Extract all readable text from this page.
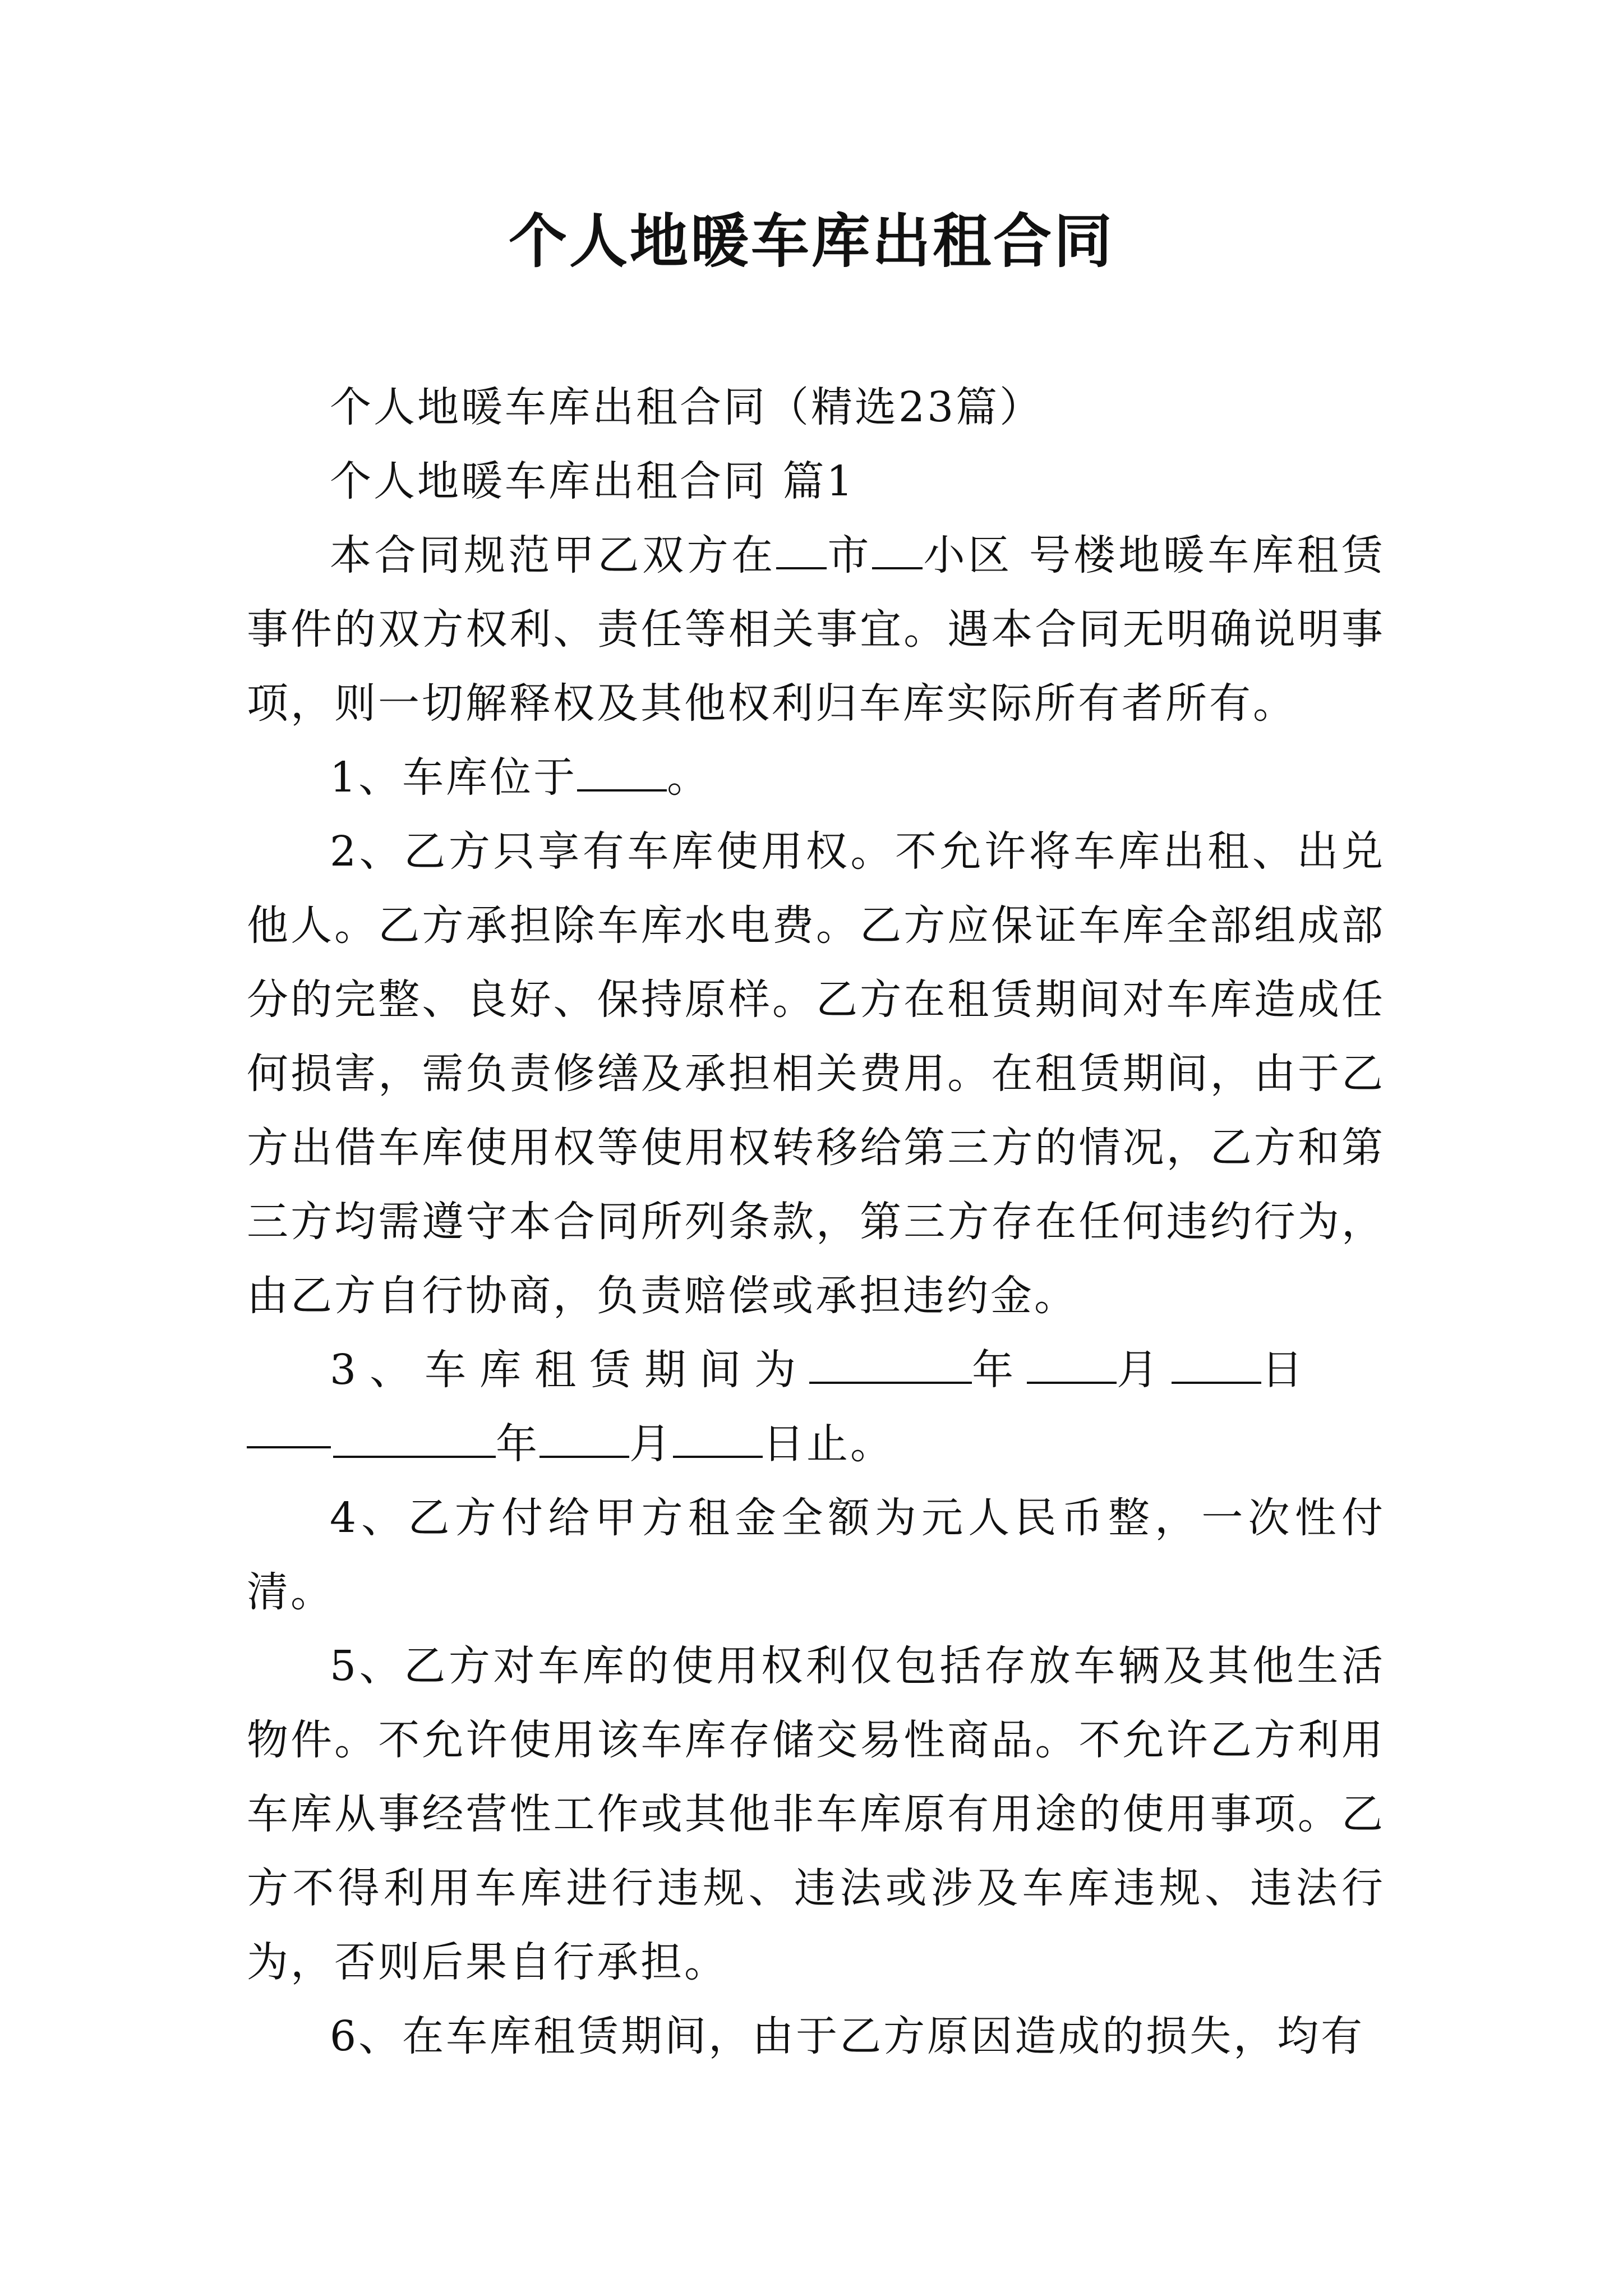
个人地暖车库出租合同

个人地暖车库出租合同（精选23篇）

个人地暖车库出租合同 篇1

本合同规范甲乙双方在 市 小区 号楼地暖车库租赁事件的双方权利、责任等相关事宜。遇本合同无明确说明事项，则一切解释权及其他权利归车库实际所有者所有。

1、车库位于 。

2、乙方只享有车库使用权。不允许将车库出租、出兑他人。乙方承担除车库水电费。乙方应保证车库全部组成部分的完整、良好、保持原样。乙方在租赁期间对车库造成任何损害，需负责修缮及承担相关费用。在租赁期间，由于乙方出借车库使用权等使用权转移给第三方的情况，乙方和第三方均需遵守本合同所列条款，第三方存在任何违约行为，由乙方自行协商，负责赔偿或承担违约金。

3、车库租赁期间为	年 月 日
年 月 日止。

4、乙方付给甲方租金全额为元人民币整，一次性付清。

5、乙方对车库的使用权利仅包括存放车辆及其他生活物件。不允许使用该车库存储交易性商品。不允许乙方利用车库从事经营性工作或其他非车库原有用途的使用事项。乙方不得利用车库进行违规、违法或涉及车库违规、违法行为，否则后果自行承担。

6、在车库租赁期间，由于乙方原因造成的损失，均有
